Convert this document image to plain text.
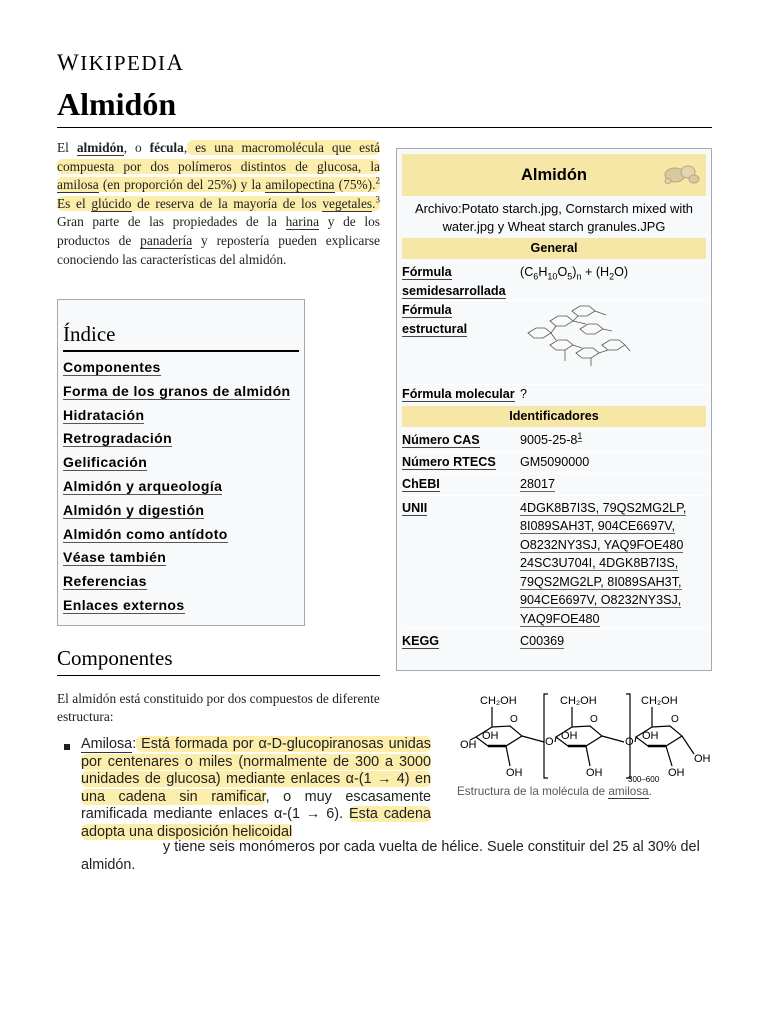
WIKIPEDIA
Almidón
El almidón, o fécula, es una macromolécula que está compuesta por dos polímeros distintos de glucosa, la amilosa (en proporción del 25%) y la amilopectina (75%).$^2$ Es el glúcido de reserva de la mayoría de los vegetales.$^3$ Gran parte de las propiedades de la harina y de los productos de panadería y repostería pueden explicarse conociendo las características del almidón.
Índice
Componentes
Forma de los granos de almidón
Hidratación
Retrogradación
Gelificación
Almidón y arqueología
Almidón y digestión
Almidón como antídoto
Véase también
Referencias
Enlaces externos
Componentes
El almidón está constituido por dos compuestos de diferente estructura:
Amilosa: Está formada por α-D-glucopiranosas unidas por centenares o miles (normalmente de 300 a 3000 unidades de glucosa) mediante enlaces α-(1 → 4) en una cadena sin ramificar, o muy escasamente ramificada mediante enlaces α-(1 → 6). Esta cadena adopta una disposición helicoidal
y tiene seis monómeros por cada vuelta de hélice. Suele constituir del 25 al 30% del almidón.
CH₂OH	CH₂OH	CH₂OH
OH	OH	OH
OH	OH	OH
OH
OH	O	O
O	O	O
300–600
Estructura de la molécula de amilosa.
Almidón
Archivo:Potato starch.jpg, Cornstarch mixed with water.jpg y Wheat starch granules.JPG
General
Fórmula semidesarrollada
$(C_6H_{10}O_5)_n + (H_2O)$
Fórmula estructural
Fórmula molecular ?
Identificadores
Número CAS	$9005-25-8^1$
Número RTECS	GM5090000
ChEBI	28017
UNII	4DGK8B7I3S, 79QS2MG2LP,
8I089SAH3T, 904CE6697V,
O8232NY3SJ, YAQ9FOE480
24SC3U704I, 4DGK8B7I3S,
79QS2MG2LP, 8I089SAH3T,
904CE6697V, O8232NY3SJ,
YAQ9FOE480
KEGG	C00369
